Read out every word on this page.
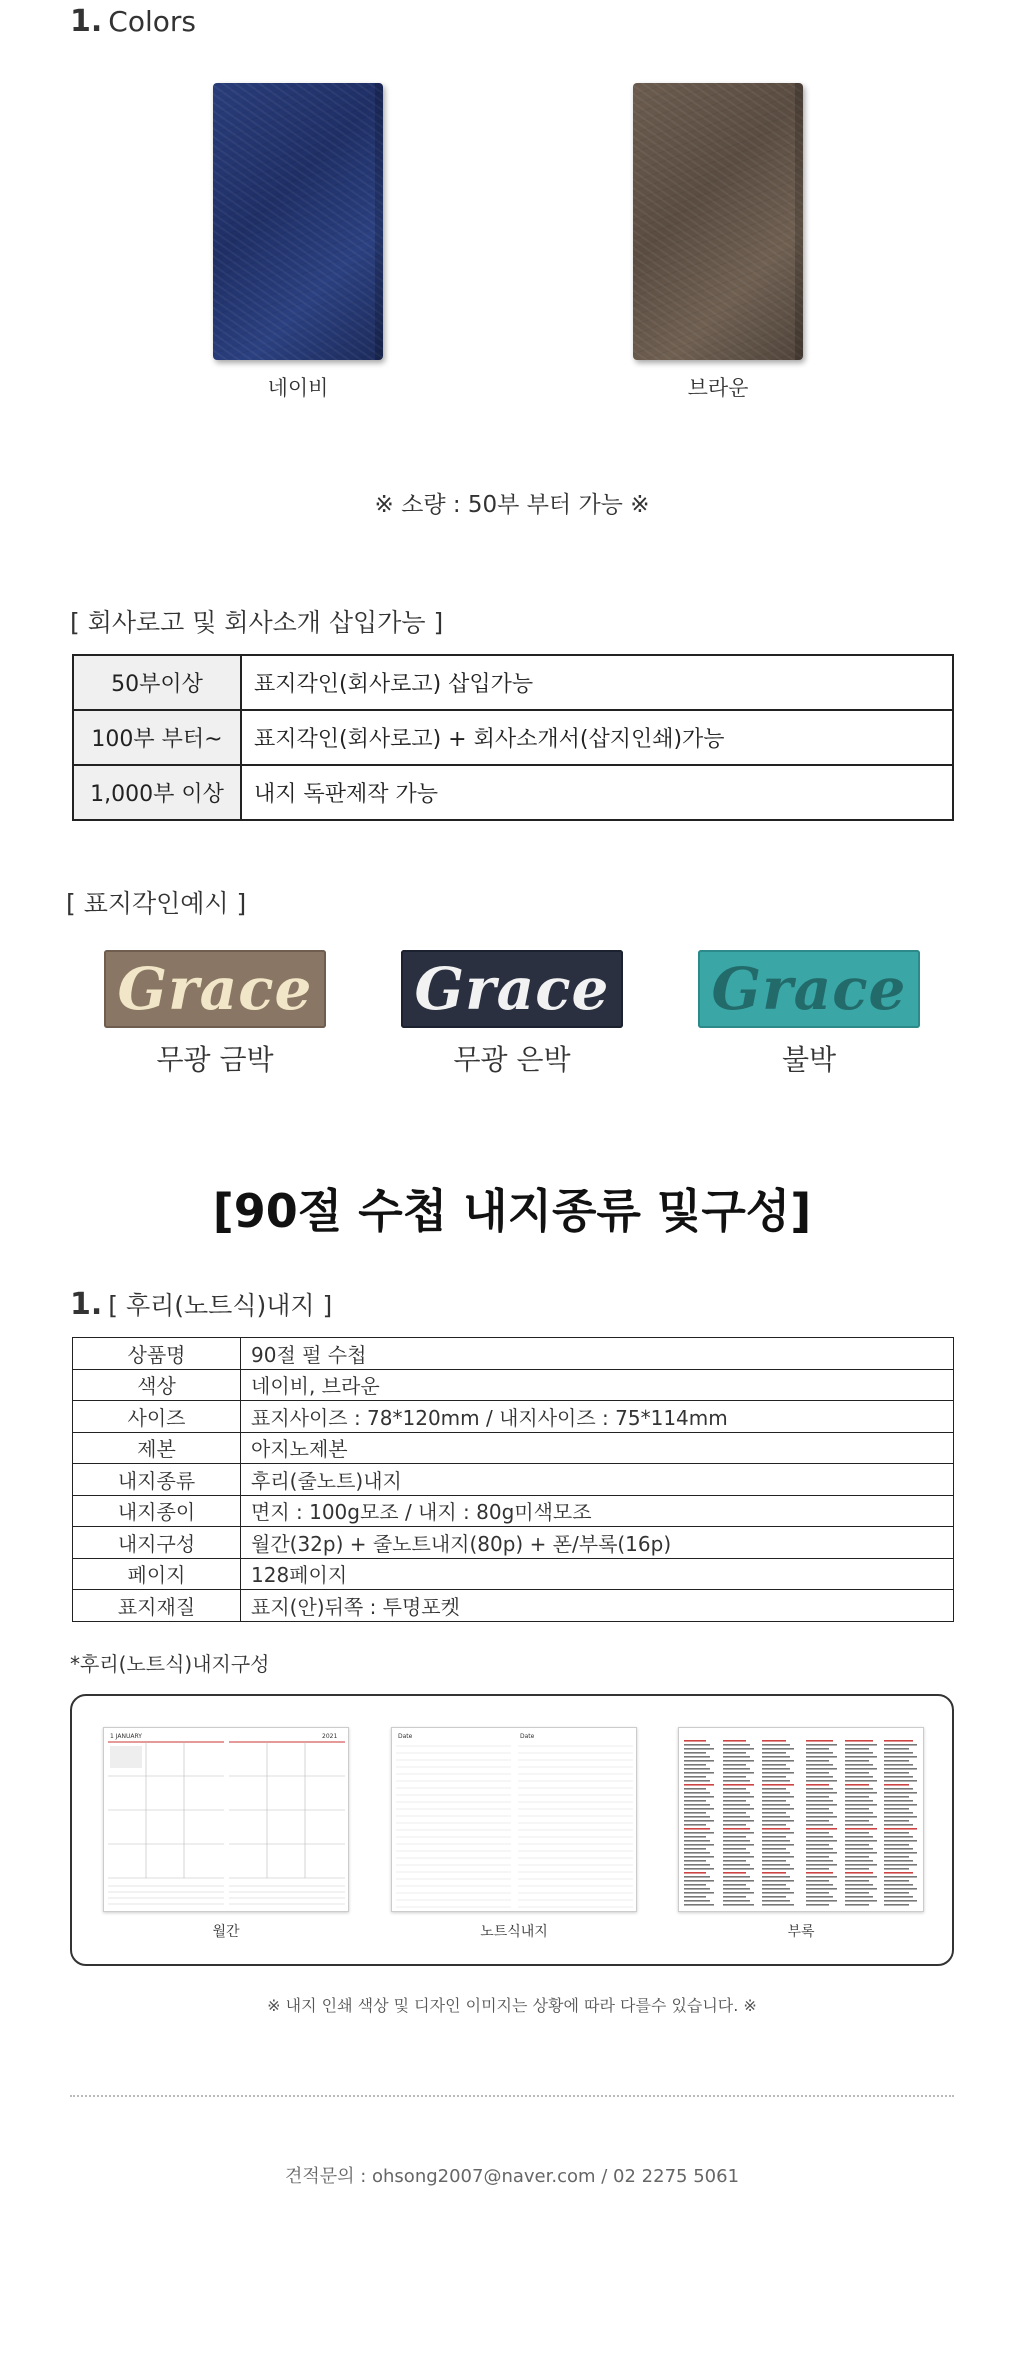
1. Colors
네이비	브라운
※ 소량 : 50부 부터 가능 ※
[ 회사로고 및 회사소개 삽입가능 ]
50부이상	표지각인(회사로고) 삽입가능
100부 부터~	표지각인(회사로고) + 회사소개서(삽지인쇄)가능
1,000부 이상	내지 독판제작 가능
[ 표지각인예시 ]
Grace Grace Grace
무광 금박	무광 은박	불박
[90절 수첩 내지종류 및구성]
1. [ 후리(노트식)내지 ]
상품명	90절 펄 수첩
색상	네이비, 브라운
사이즈	표지사이즈 : 78*120mm / 내지사이즈 : 75*114mm
제본	아지노제본
내지종류	후리(줄노트)내지
내지종이	면지 : 100g모조 / 내지 : 80g미색모조
내지구성	월간(32p) + 줄노트내지(80p) + 폰/부록(16p)
페이지	128페이지
표지재질	표지(안)뒤쪽 : 투명포켓
*후리(노트식)내지구성
1 JANUARY	2021	Date	Date
월간	노트식내지	부록
※ 내지 인쇄 색상 및 디자인 이미지는 상황에 따라 다를수 있습니다. ※
견적문의 : ohsong2007@naver.com / 02 2275 5061
